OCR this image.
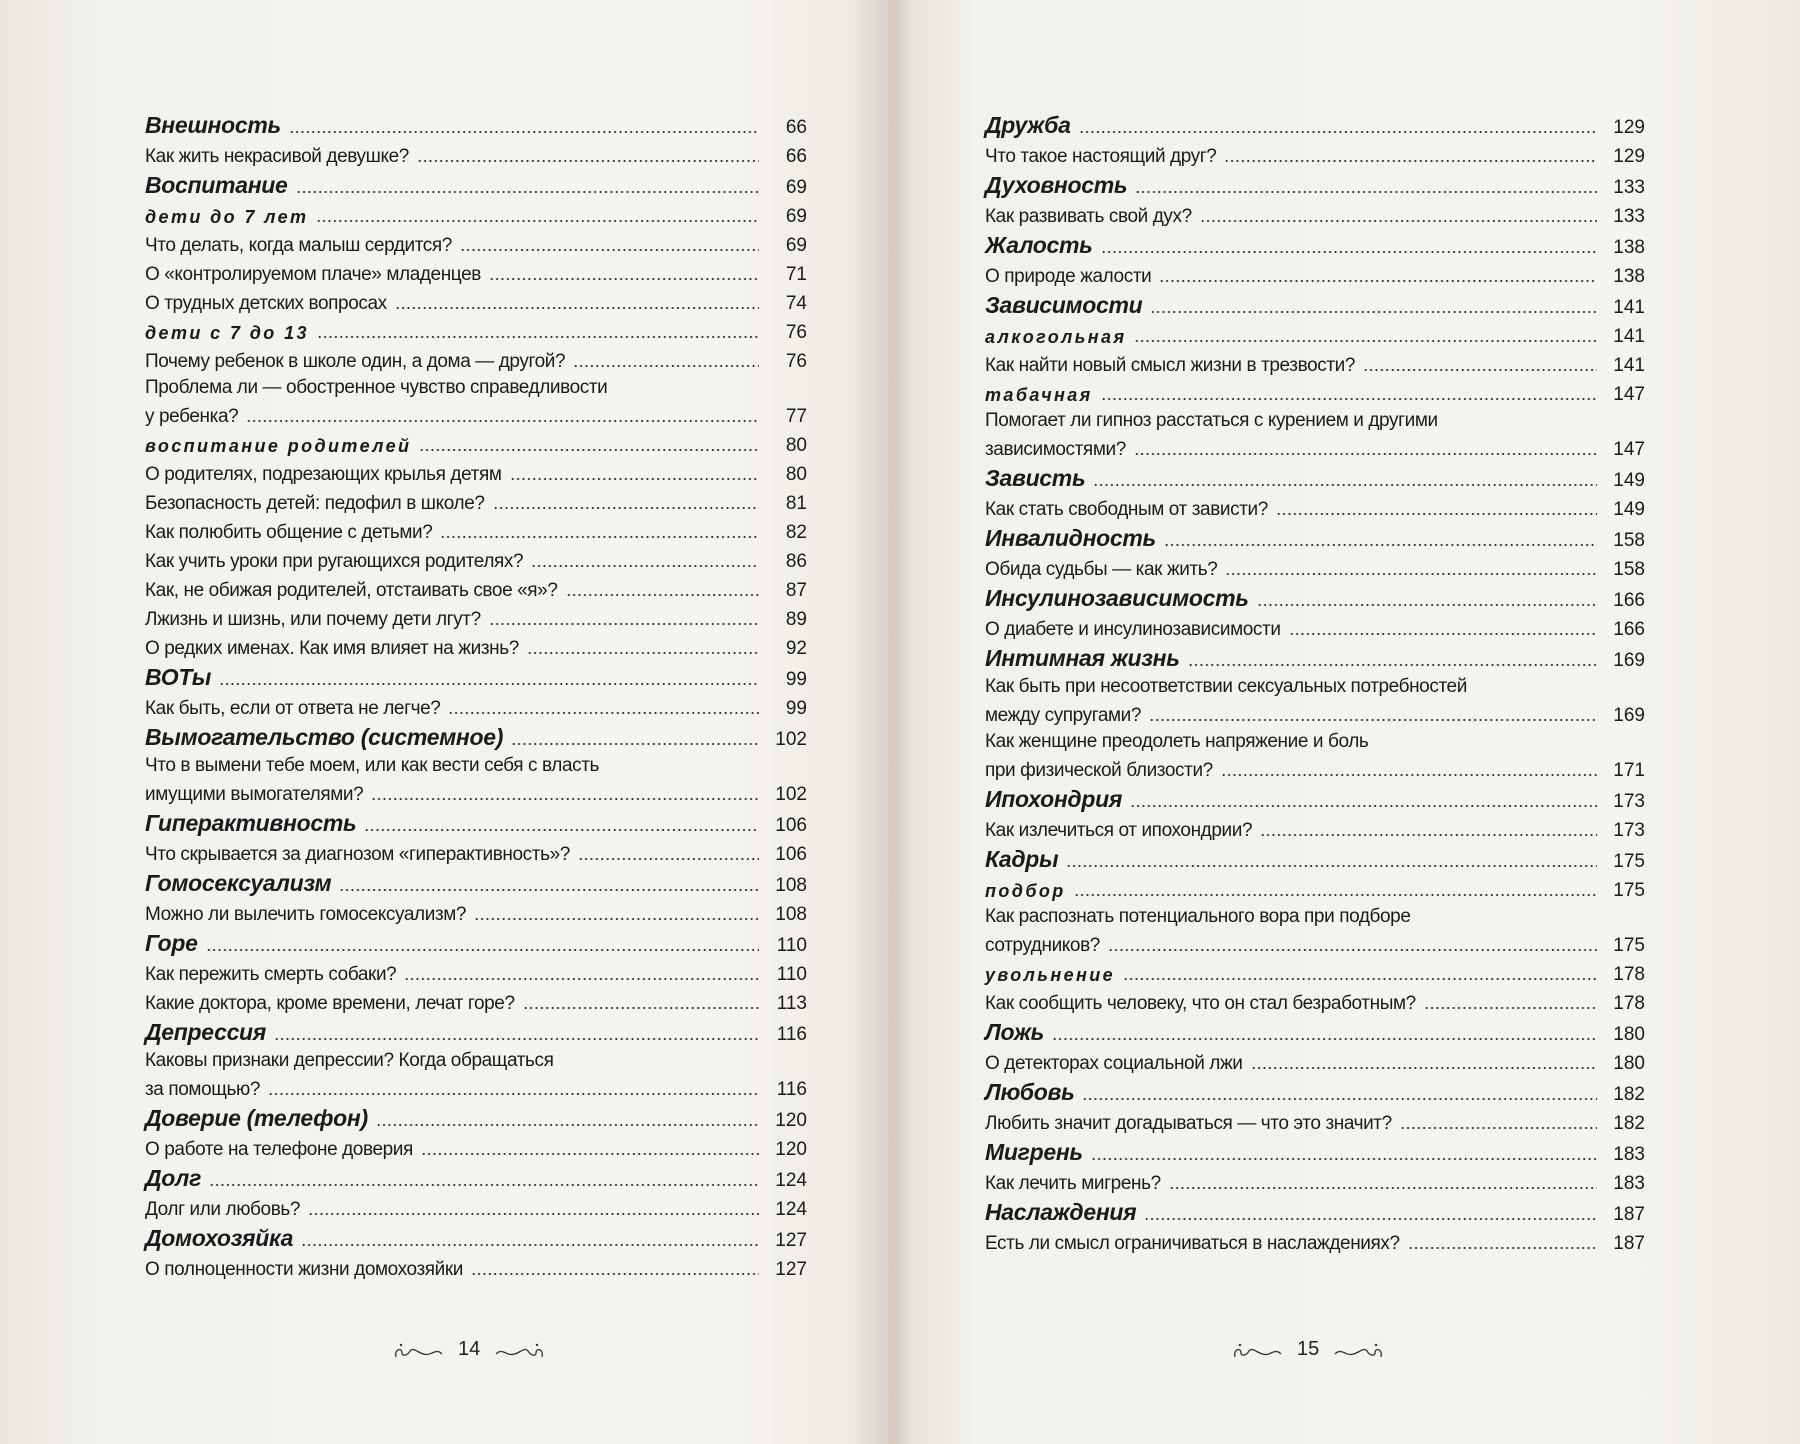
Внешность	66
Как жить некрасивой девушке?	66
Воспитание	69
дети до 7 лет	69
Что делать, когда малыш сердится?	69
О «контролируемом плаче» младенцев	71
О трудных детских вопросах	74
дети с 7 до 13	76
Почему ребенок в школе один, а дома — другой?	76
Проблема ли — обостренное чувство справедливости
у ребенка?	77
воспитание родителей	80
О родителях, подрезающих крылья детям	80
Безопасность детей: педофил в школе?	81
Как полюбить общение с детьми?	82
Как учить уроки при ругающихся родителях?	86
Как, не обижая родителей, отстаивать свое «я»?	87
Лжизнь и шизнь, или почему дети лгут?	89
О редких именах. Как имя влияет на жизнь?	92
ВОТы	99
Как быть, если от ответа не легче?	99
Вымогательство (системное)	102
Что в вымени тебе моем, или как вести себя с власть
имущими вымогателями?	102
Гиперактивность	106
Что скрывается за диагнозом «гиперактивность»?	106
Гомосексуализм	108
Можно ли вылечить гомосексуализм?	108
Горе	110
Как пережить смерть собаки?	110
Какие доктора, кроме времени, лечат горе?	113
Депрессия	116
Каковы признаки депрессии? Когда обращаться
за помощью?	116
Доверие (телефон)	120
О работе на телефоне доверия	120
Долг	124
Долг или любовь?	124
Домохозяйка	127
О полноценности жизни домохозяйки	127
Дружба	129
Что такое настоящий друг?	129
Духовность	133
Как развивать свой дух?	133
Жалость	138
О природе жалости	138
Зависимости	141
алкогольная	141
Как найти новый смысл жизни в трезвости?	141
табачная	147
Помогает ли гипноз расстаться с курением и другими
зависимостями?	147
Зависть	149
Как стать свободным от зависти?	149
Инвалидность	158
Обида судьбы — как жить?	158
Инсулинозависимость	166
О диабете и инсулинозависимости	166
Интимная жизнь	169
Как быть при несоответствии сексуальных потребностей
между супругами?	169
Как женщине преодолеть напряжение и боль
при физической близости?	171
Ипохондрия	173
Как излечиться от ипохондрии?	173
Кадры	175
подбор	175
Как распознать потенциального вора при подборе
сотрудников?	175
увольнение	178
Как сообщить человеку, что он стал безработным?	178
Ложь	180
О детекторах социальной лжи	180
Любовь	182
Любить значит догадываться — что это значит?	182
Мигрень	183
Как лечить мигрень?	183
Наслаждения	187
Есть ли смысл ограничиваться в наслаждениях?	187
14	15
